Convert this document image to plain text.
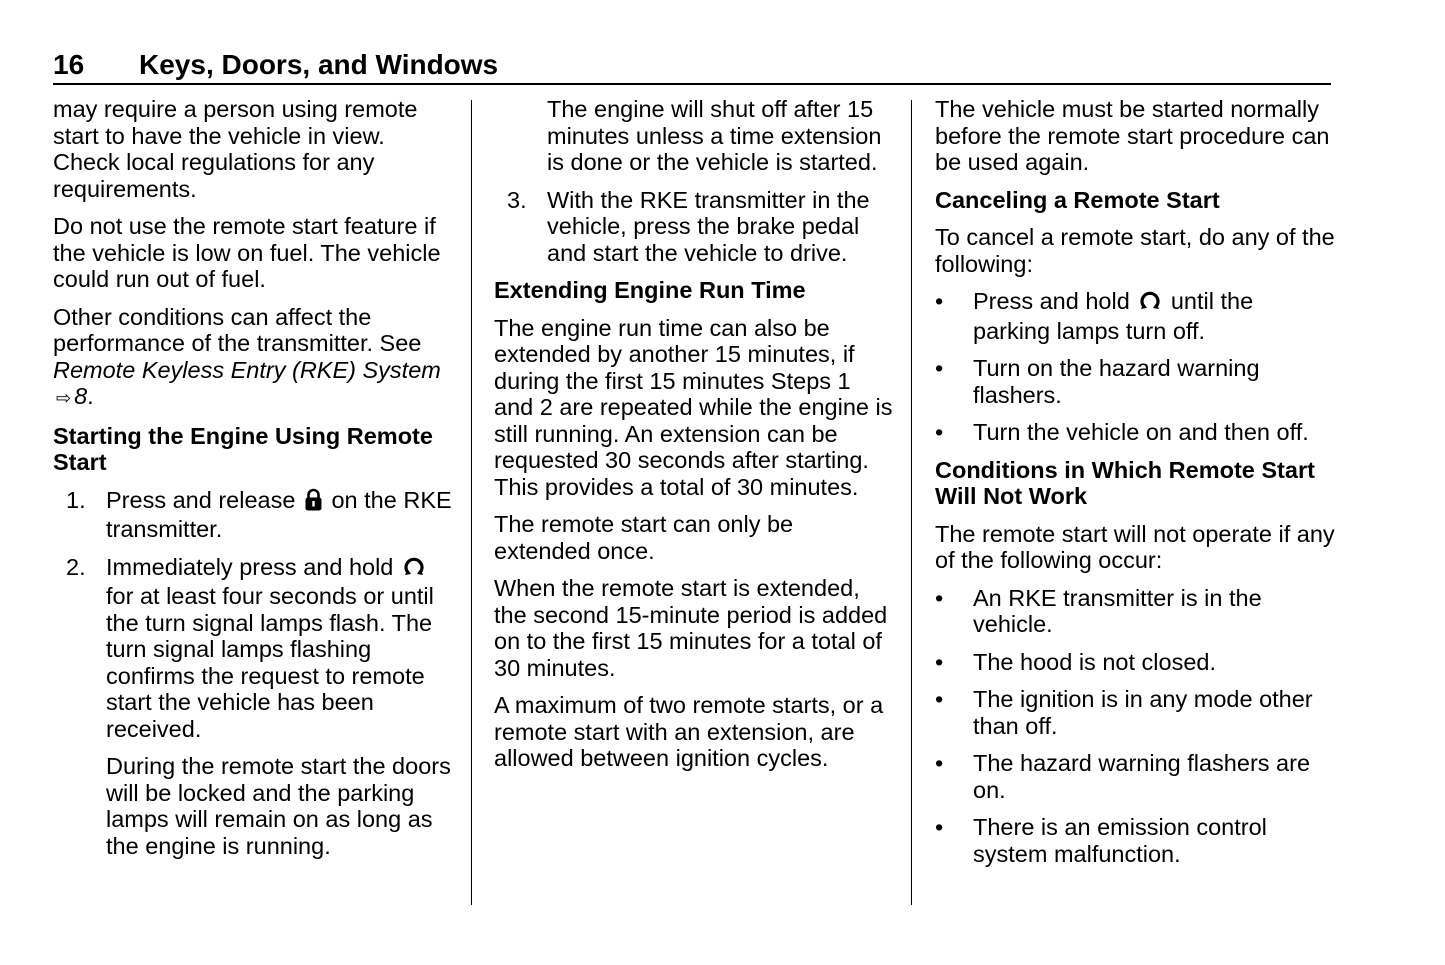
16 Keys, Doors, and Windows

may require a person using remote start to have the vehicle in view. Check local regulations for any requirements.

Do not use the remote start feature if the vehicle is low on fuel. The vehicle could run out of fuel.

Other conditions can affect the performance of the transmitter. See Remote Keyless Entry (RKE) System⇨ 8.

Starting the Engine Using Remote Start
1. Press and release on the RKE transmitter.
2. Immediately press and hold  for at least four seconds or until the turn signal lamps flash. The turn signal lamps flashing confirms the request to remote start the vehicle has been received.
During the remote start the doors will be locked and the parking lamps will remain on as long as the engine is running.
The engine will shut off after 15 minutes unless a time extension is done or the vehicle is started.
3. With the RKE transmitter in the vehicle, press the brake pedal and start the vehicle to drive.
Extending Engine Run Time

The engine run time can also be extended by another 15 minutes, if during the first 15 minutes Steps 1 and 2 are repeated while the engine is still running. An extension can be requested 30 seconds after starting. This provides a total of 30 minutes.

The remote start can only be extended once.

When the remote start is extended, the second 15-minute period is added on to the first 15 minutes for a total of 30 minutes.

A maximum of two remote starts, or a remote start with an extension, are allowed between ignition cycles.

The vehicle must be started normally before the remote start procedure can be used again.

Canceling a Remote Start

To cancel a remote start, do any of the following:

• Press and hold until the parking lamps turn off.
• Turn on the hazard warning flashers.
• Turn the vehicle on and then off.
Conditions in Which Remote Start Will Not Work

The remote start will not operate if any of the following occur:

• An RKE transmitter is in the vehicle.
• The hood is not closed.
• The ignition is in any mode other than off.
• The hazard warning flashers are on.
• There is an emission control system malfunction.
